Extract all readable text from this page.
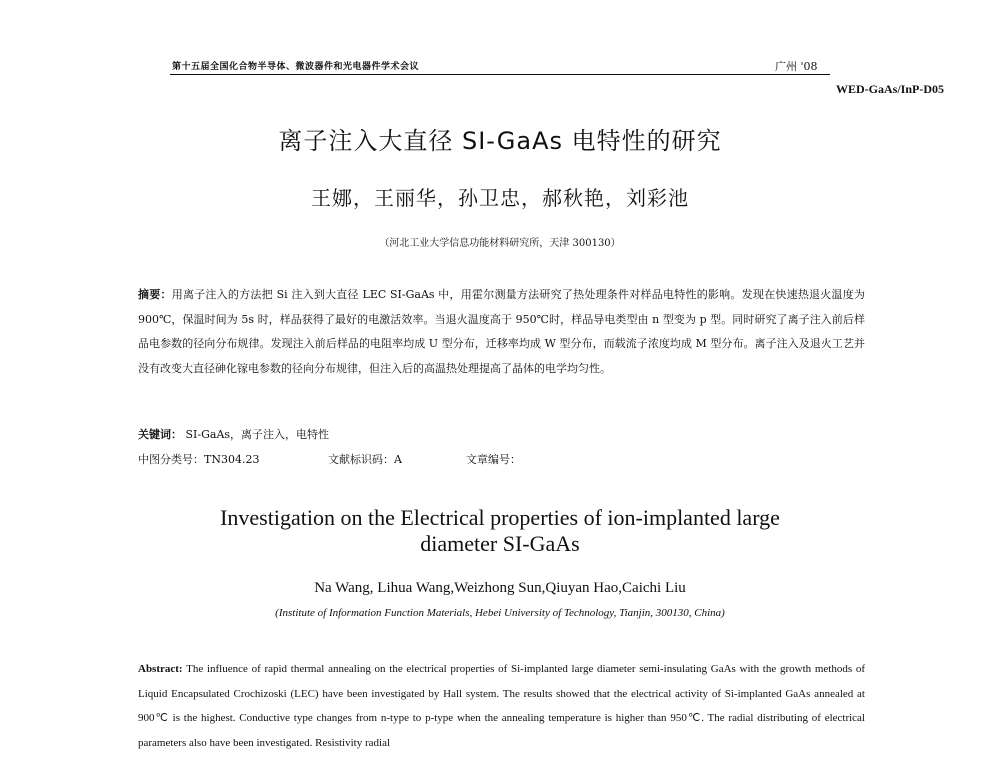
第十五届全国化合物半导体、微波器件和光电器件学术会议	广州 '08
WED-GaAs/InP-D05
离子注入大直径 SI-GaAs 电特性的研究
王娜，王丽华，孙卫忠，郝秋艳，刘彩池
（河北工业大学信息功能材料研究所，天津 300130）
摘要：用离子注入的方法把 Si 注入到大直径 LEC SI-GaAs 中，用霍尔测量方法研究了热处理条件对样品电特性的影响。发现在快速热退火温度为 900℃，保温时间为 5s 时，样品获得了最好的电激活效率。当退火温度高于 950℃时，样品导电类型由 n 型变为 p 型。同时研究了离子注入前后样品电参数的径向分布规律。发现注入前后样品的电阻率均成 U 型分布，迁移率均成 W 型分布，而载流子浓度均成 M 型分布。离子注入及退火工艺并没有改变大直径砷化镓电参数的径向分布规律，但注入后的高温热处理提高了晶体的电学均匀性。
关键词： SI-GaAs，离子注入，电特性
中图分类号：TN304.23	文献标识码：A	文章编号：
Investigation on the Electrical properties of ion-implanted large
diameter SI-GaAs
Na Wang, Lihua Wang,Weizhong Sun,Qiuyan Hao,Caichi Liu
(Institute of Information Function Materials, Hebei University of Technology, Tianjin, 300130, China)
Abstract: The influence of rapid thermal annealing on the electrical properties of Si-implanted large diameter semi-insulating GaAs with the growth methods of Liquid Encapsulated Crochizoski (LEC) have been investigated by Hall system. The results showed that the electrical activity of Si-implanted GaAs annealed at 900℃ is the highest. Conductive type changes from n-type to p-type when the annealing temperature is higher than 950℃. The radial distributing of electrical parameters also have been investigated. Resistivity radial
